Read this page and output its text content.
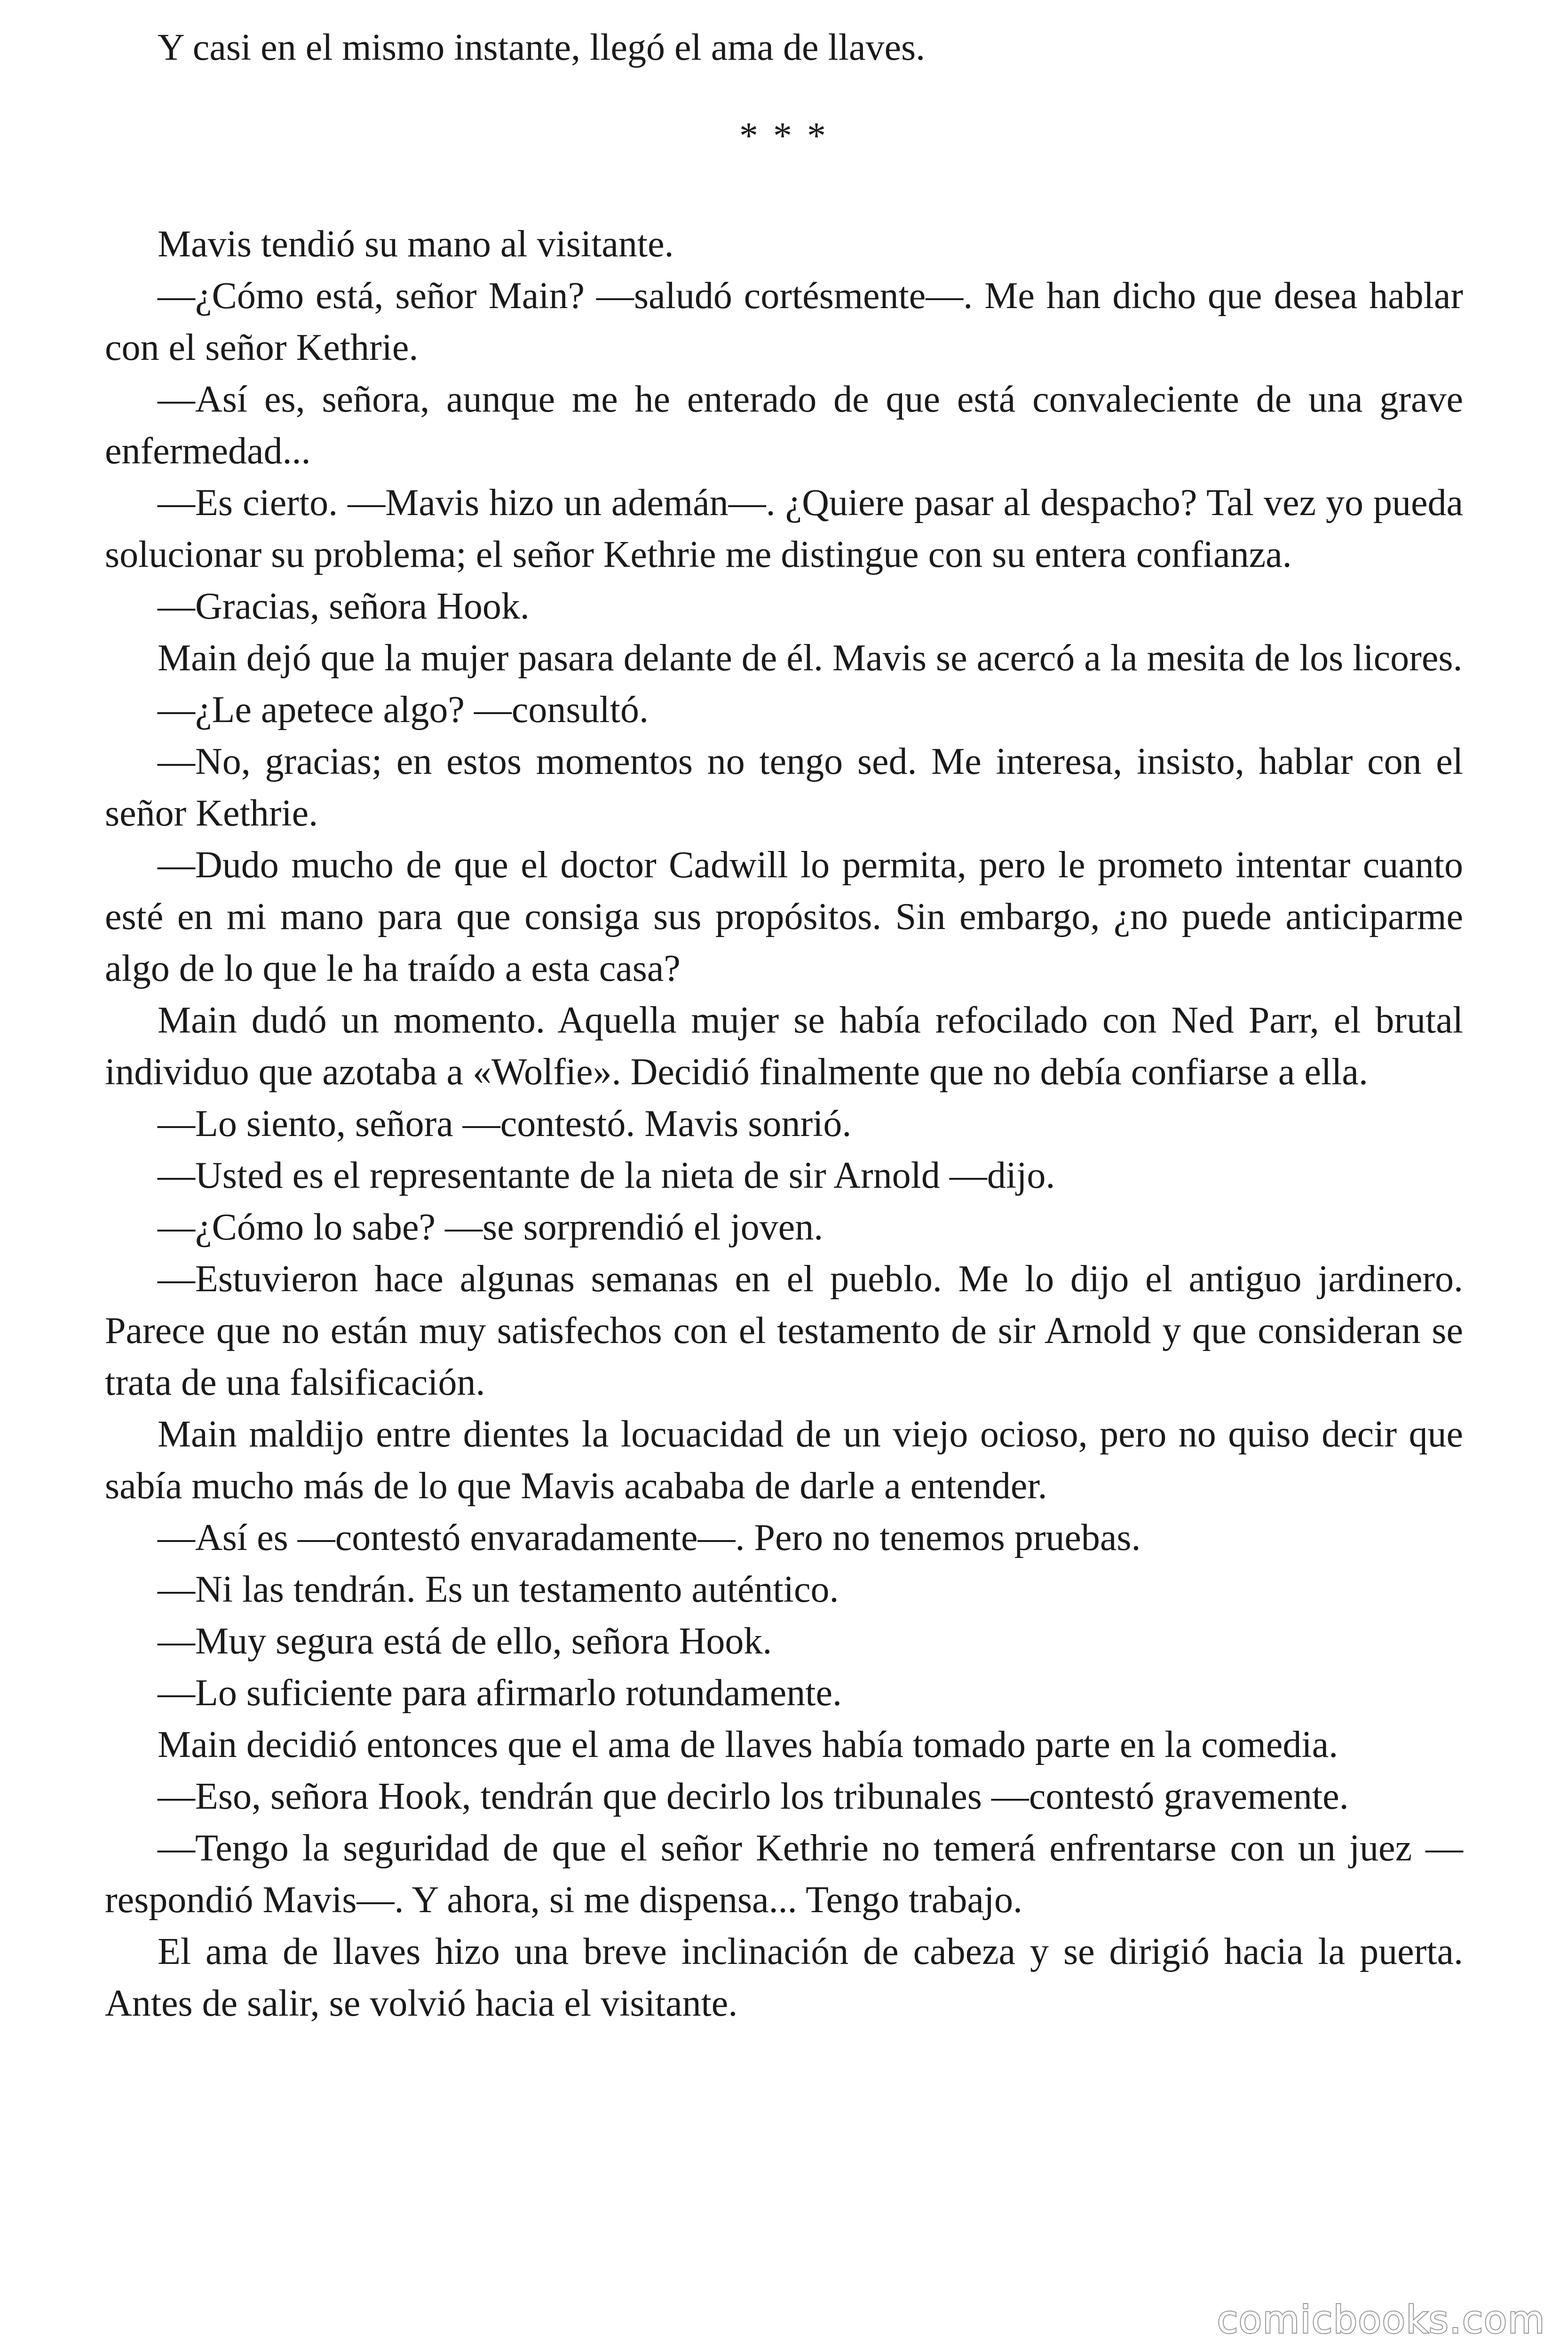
Y casi en el mismo instante, llegó el ama de llaves.

* * *

Mavis tendió su mano al visitante.

—¿Cómo está, señor Main? —saludó cortésmente—. Me han dicho que desea hablar con el señor Kethrie.

—Así es, señora, aunque me he enterado de que está convaleciente de una grave enfermedad...

—Es cierto. —Mavis hizo un ademán—. ¿Quiere pasar al despacho? Tal vez yo pueda solucionar su problema; el señor Kethrie me distingue con su entera confianza.

—Gracias, señora Hook.

Main dejó que la mujer pasara delante de él. Mavis se acercó a la mesita de los licores.

—¿Le apetece algo? —consultó.

—No, gracias; en estos momentos no tengo sed. Me interesa, insisto, hablar con el señor Kethrie.

—Dudo mucho de que el doctor Cadwill lo permita, pero le prometo intentar cuanto esté en mi mano para que consiga sus propósitos. Sin embargo, ¿no puede anticiparme algo de lo que le ha traído a esta casa?

Main dudó un momento. Aquella mujer se había refocilado con Ned Parr, el brutal individuo que azotaba a «Wolfie». Decidió finalmente que no debía confiarse a ella.

—Lo siento, señora —contestó. Mavis sonrió.

—Usted es el representante de la nieta de sir Arnold —dijo.

—¿Cómo lo sabe? —se sorprendió el joven.

—Estuvieron hace algunas semanas en el pueblo. Me lo dijo el antiguo jardinero. Parece que no están muy satisfechos con el testamento de sir Arnold y que consideran se trata de una falsificación.

Main maldijo entre dientes la locuacidad de un viejo ocioso, pero no quiso decir que sabía mucho más de lo que Mavis acababa de darle a entender.

—Así es —contestó envaradamente—. Pero no tenemos pruebas.

—Ni las tendrán. Es un testamento auténtico.

—Muy segura está de ello, señora Hook.

—Lo suficiente para afirmarlo rotundamente.

Main decidió entonces que el ama de llaves había tomado parte en la comedia.

—Eso, señora Hook, tendrán que decirlo los tribunales —contestó gravemente.

—Tengo la seguridad de que el señor Kethrie no temerá enfrentarse con un juez — respondió Mavis—. Y ahora, si me dispensa... Tengo trabajo.

El ama de llaves hizo una breve inclinación de cabeza y se dirigió hacia la puerta. Antes de salir, se volvió hacia el visitante.

comicbooks.com
